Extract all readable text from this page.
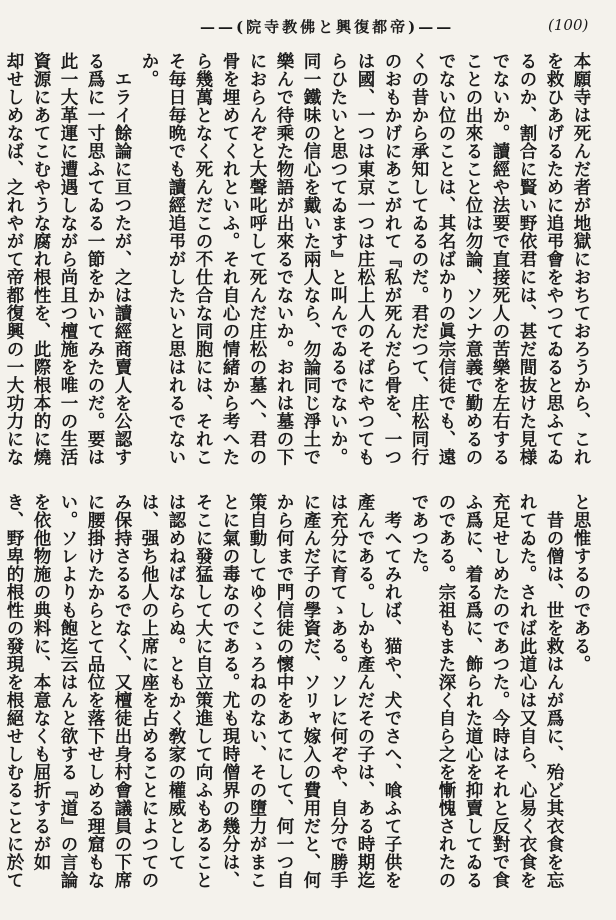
——(院寺教佛と興復都帝)——	(100)

本願寺は死んだ者が地獄におちておろうから、これを救ひあげるために追弔會をやつてゐると思ふてゐるのか、割合に賢い野依君には、甚だ間抜けた見様でないか。讀經や法要で直接死人の苦樂を左右することの出來ること位は勿論、ソンナ意義で勤めるのでない位のことは、其名ばかりの眞宗信徒でも、遠くの昔から承知してゐるのだ。君だつて、庄松同行のおもかげにあこがれて『私が死んだら骨を、一つは國、一つは東京一つは庄松上人のそばにやつてもらひたいと思つてゐます』と叫んでゐるでないか。同一鐵味の信心を戴いた兩人なら、勿論同じ淨土で樂んで待乘た物語が出來るでないか。おれは墓の下におらんぞと大聲叱呼して死んだ庄松の墓へ、君の骨を埋めてくれといふ。それ自心の情緒から考へたら幾萬となく死んだこの不仕合な同胞には、それこそ毎日毎晩でも讀經追弔がしたいと思はれるでないか。

エライ餘論に亘つたが、之は讀經商賣人を公認する爲に一寸思ふてゐる一節をかいてみたのだ。要は此一大革運に遭遇しながら尚且つ檀施を唯一の生活資源にあてこむやうな腐れ根性を、此際根本的に燒却せしめなば、之れやがて帝都復興の一大功力にな

と思惟するのである。

昔の僧は、世を救はんが爲に、殆ど其衣食を忘れてゐた。されば此道心は又自ら、心易く衣食を充足せしめたのであつた。今時はそれと反對で食ふ爲に、着る爲に、飾られた道心を抑賣してゐるのである。宗祖もまた深く自ら之を慚愧されたのであつた。

考へてみれば、猫や、犬でさへ、喰ふて子供を產んである。しかも產んだその子は、ある時期迄は充分に育てゝある。ソレに何ぞや、自分で勝手に產んだ子の學資だ、ソリャ嫁入の費用だと、何から何まで門信徒の懷中をあてにして、何一つ自策自動してゆくこゝろねのない、その墮力がまことに氣の毒なのである。尤も現時僧界の幾分は、そこに發猛して大に自立策進して向ふもあることは認めねばならぬ。ともかく敎家の權威としては、强ち他人の上席に座を占めることによつてのみ保持さるるでなく、又檀徒出身村會議員の下席に腰掛けたからとて品位を落下せしめる理窟もない。ソレよりも飽迄云はんと欲する『道』の言論を依他物施の典料に、本意なくも屈折するが如き、野卑的根性の發現を根絕せしむることに於て
